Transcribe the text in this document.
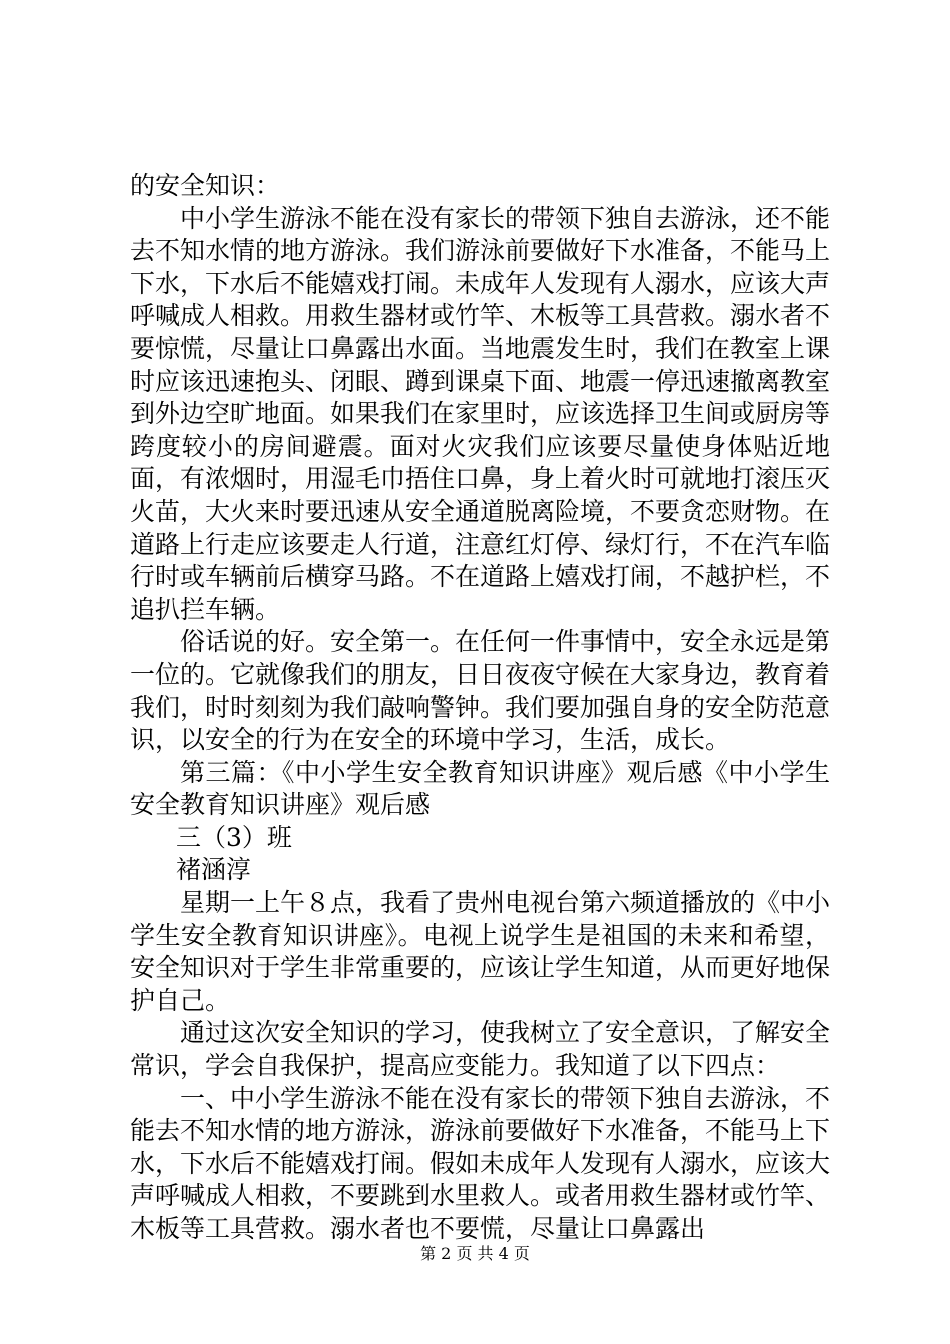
的安全知识：

中小学生游泳不能在没有家长的带领下独自去游泳，还不能去不知水情的地方游泳。我们游泳前要做好下水准备，不能马上下水，下水后不能嬉戏打闹。未成年人发现有人溺水，应该大声呼喊成人相救。用救生器材或竹竿、木板等工具营救。溺水者不要惊慌，尽量让口鼻露出水面。当地震发生时，我们在教室上课时应该迅速抱头、闭眼、蹲到课桌下面、地震一停迅速撤离教室到外边空旷地面。如果我们在家里时，应该选择卫生间或厨房等跨度较小的房间避震。面对火灾我们应该要尽量使身体贴近地面，有浓烟时，用湿毛巾捂住口鼻，身上着火时可就地打滚压灭火苗，大火来时要迅速从安全通道脱离险境，不要贪恋财物。在道路上行走应该要走人行道，注意红灯停、绿灯行，不在汽车临行时或车辆前后横穿马路。不在道路上嬉戏打闹，不越护栏，不追扒拦车辆。

俗话说的好。安全第一。在任何一件事情中，安全永远是第一位的。它就像我们的朋友，日日夜夜守候在大家身边，教育着我们，时时刻刻为我们敲响警钟。我们要加强自身的安全防范意识，以安全的行为在安全的环境中学习，生活，成长。

第三篇：《中小学生安全教育知识讲座》观后感《中小学生安全教育知识讲座》观后感

三（3）班

褚涵淳

星期一上午８点，我看了贵州电视台第六频道播放的《中小学生安全教育知识讲座》。电视上说学生是祖国的未来和希望，安全知识对于学生非常重要的，应该让学生知道，从而更好地保护自己。

通过这次安全知识的学习，使我树立了安全意识，了解安全常识，学会自我保护，提高应变能力。我知道了以下四点：

一、中小学生游泳不能在没有家长的带领下独自去游泳，不能去不知水情的地方游泳，游泳前要做好下水准备，不能马上下水，下水后不能嬉戏打闹。假如未成年人发现有人溺水，应该大声呼喊成人相救，不要跳到水里救人。或者用救生器材或竹竿、木板等工具营救。溺水者也不要慌，尽量让口鼻露出

第 2 页 共 4 页
